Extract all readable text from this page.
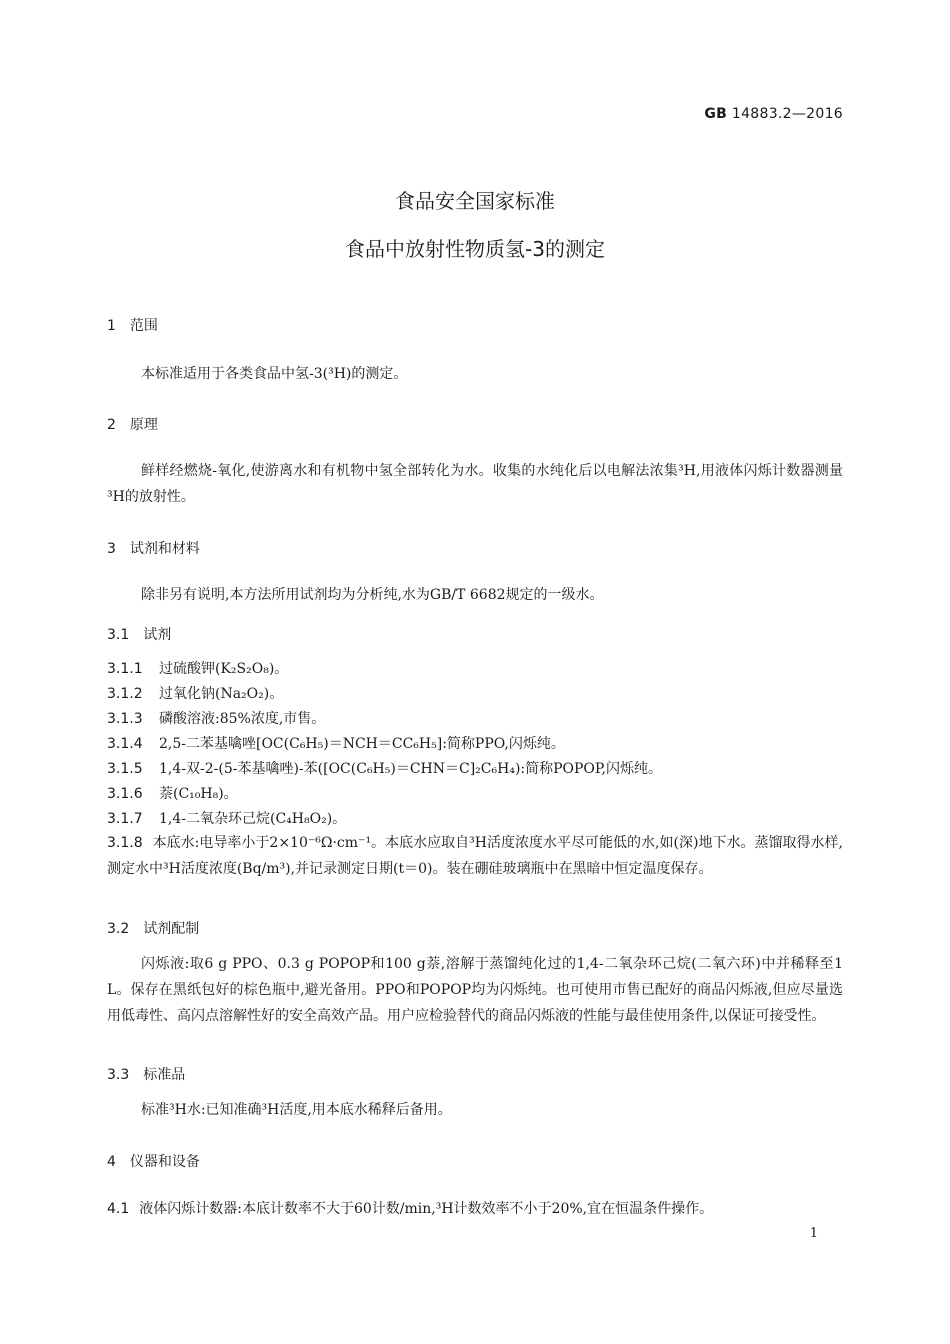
GB 14883.2—2016
食品安全国家标准
食品中放射性物质氢-3的测定
1　范围
本标准适用于各类食品中氢-3(³H)的测定。
2　原理
鲜样经燃烧-氧化,使游离水和有机物中氢全部转化为水。收集的水纯化后以电解法浓集³H,用液体闪烁计数器测量³H的放射性。
3　试剂和材料
除非另有说明,本方法所用试剂均为分析纯,水为GB/T 6682规定的一级水。
3.1　试剂
3.1.1 过硫酸钾(K₂S₂O₈)。
3.1.2 过氧化钠(Na₂O₂)。
3.1.3 磷酸溶液:85%浓度,市售。
3.1.4 2,5-二苯基噙唑[OC(C₆H₅)＝NCH＝CC₆H₅]:简称PPO,闪烁纯。
3.1.5 1,4-双-2-(5-苯基噙唑)-苯([OC(C₆H₅)＝CHN＝C]₂C₆H₄):简称POPOP,闪烁纯。
3.1.6 萘(C₁₀H₈)。
3.1.7 1,4-二氧杂环己烷(C₄H₈O₂)。
3.1.8 本底水:电导率小于2×10⁻⁶Ω·cm⁻¹。本底水应取自³H活度浓度水平尽可能低的水,如(深)地下水。蒸馏取得水样,测定水中³H活度浓度(Bq/m³),并记录测定日期(t＝0)。装在硼硅玻璃瓶中在黑暗中恒定温度保存。
3.2　试剂配制
闪烁液:取6 g PPO、0.3 g POPOP和100 g萘,溶解于蒸馏纯化过的1,4-二氧杂环己烷(二氧六环)中并稀释至1 L。保存在黑纸包好的棕色瓶中,避光备用。PPO和POPOP均为闪烁纯。也可使用市售已配好的商品闪烁液,但应尽量选用低毒性、高闪点溶解性好的安全高效产品。用户应检验替代的商品闪烁液的性能与最佳使用条件,以保证可接受性。
3.3　标准品
标准³H水:已知准确³H活度,用本底水稀释后备用。
4　仪器和设备
4.1 液体闪烁计数器:本底计数率不大于60计数/min,³H计数效率不小于20%,宜在恒温条件操作。
1
